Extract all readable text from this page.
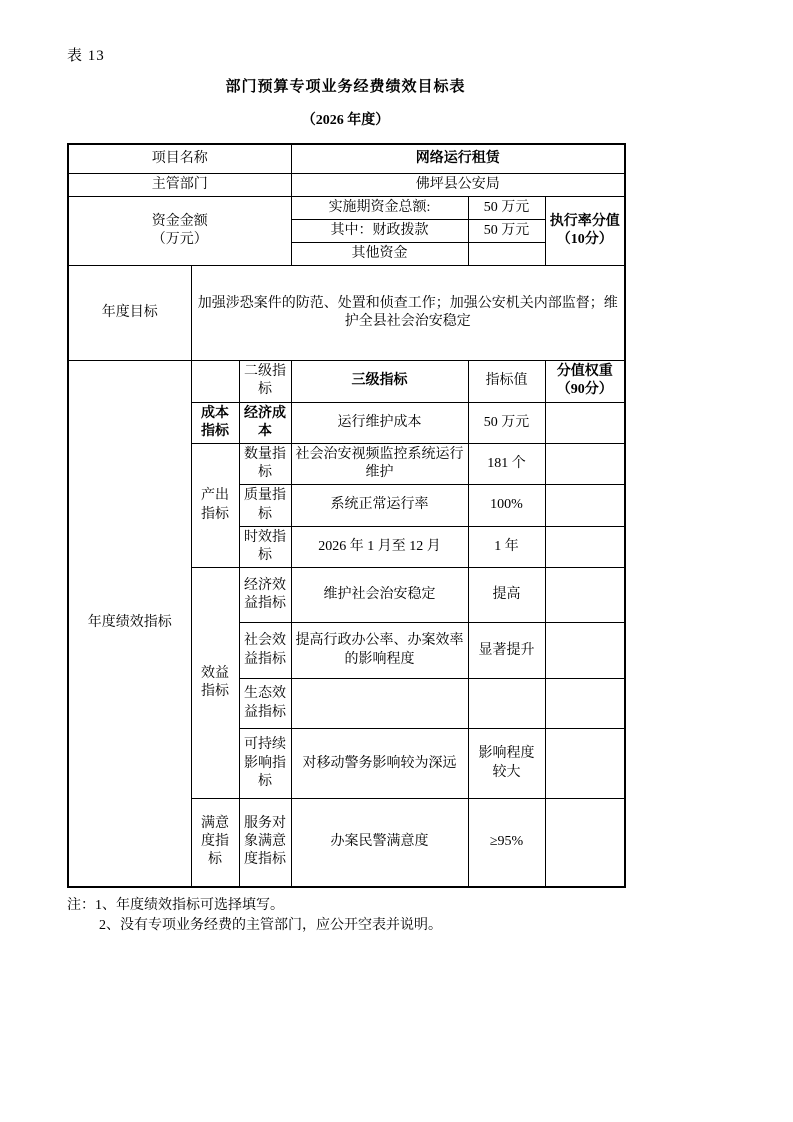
表 13
部门预算专项业务经费绩效目标表
（2026 年度）
项目名称			网络运行租赁		
主管部门			佛坪县公安局		

资金金额
（万元）			实施期资金总额:	50 万元	执行率分值（10分）
			其中：财政拨款	50 万元	
			其他资金		
年度目标	加强涉恐案件的防范、处置和侦查工作；加强公安机关内部监督；维护全县社会治安稳定				
年度绩效指标		二级指标	三级指标	指标值	分值权重（90分）
	成本指标	经济成本	运行维护成本	50 万元	
	产出指标	数量指标	社会治安视频监控系统运行维护	181 个	
		质量指标	系统正常运行率	100%	
		时效指标	2026 年 1 月至 12 月	1 年	
	效益指标	经济效益指标	维护社会治安稳定	提高	
		社会效益指标	提高行政办公率、办案效率的影响程度	显著提升	
		生态效益指标			
		可持续影响指标	对移动警务影响较为深远	影响程度较大	
	满意度指标	服务对象满意度指标	办案民警满意度	≥95%	
注：1、年度绩效指标可选择填写。
2、没有专项业务经费的主管部门，应公开空表并说明。
